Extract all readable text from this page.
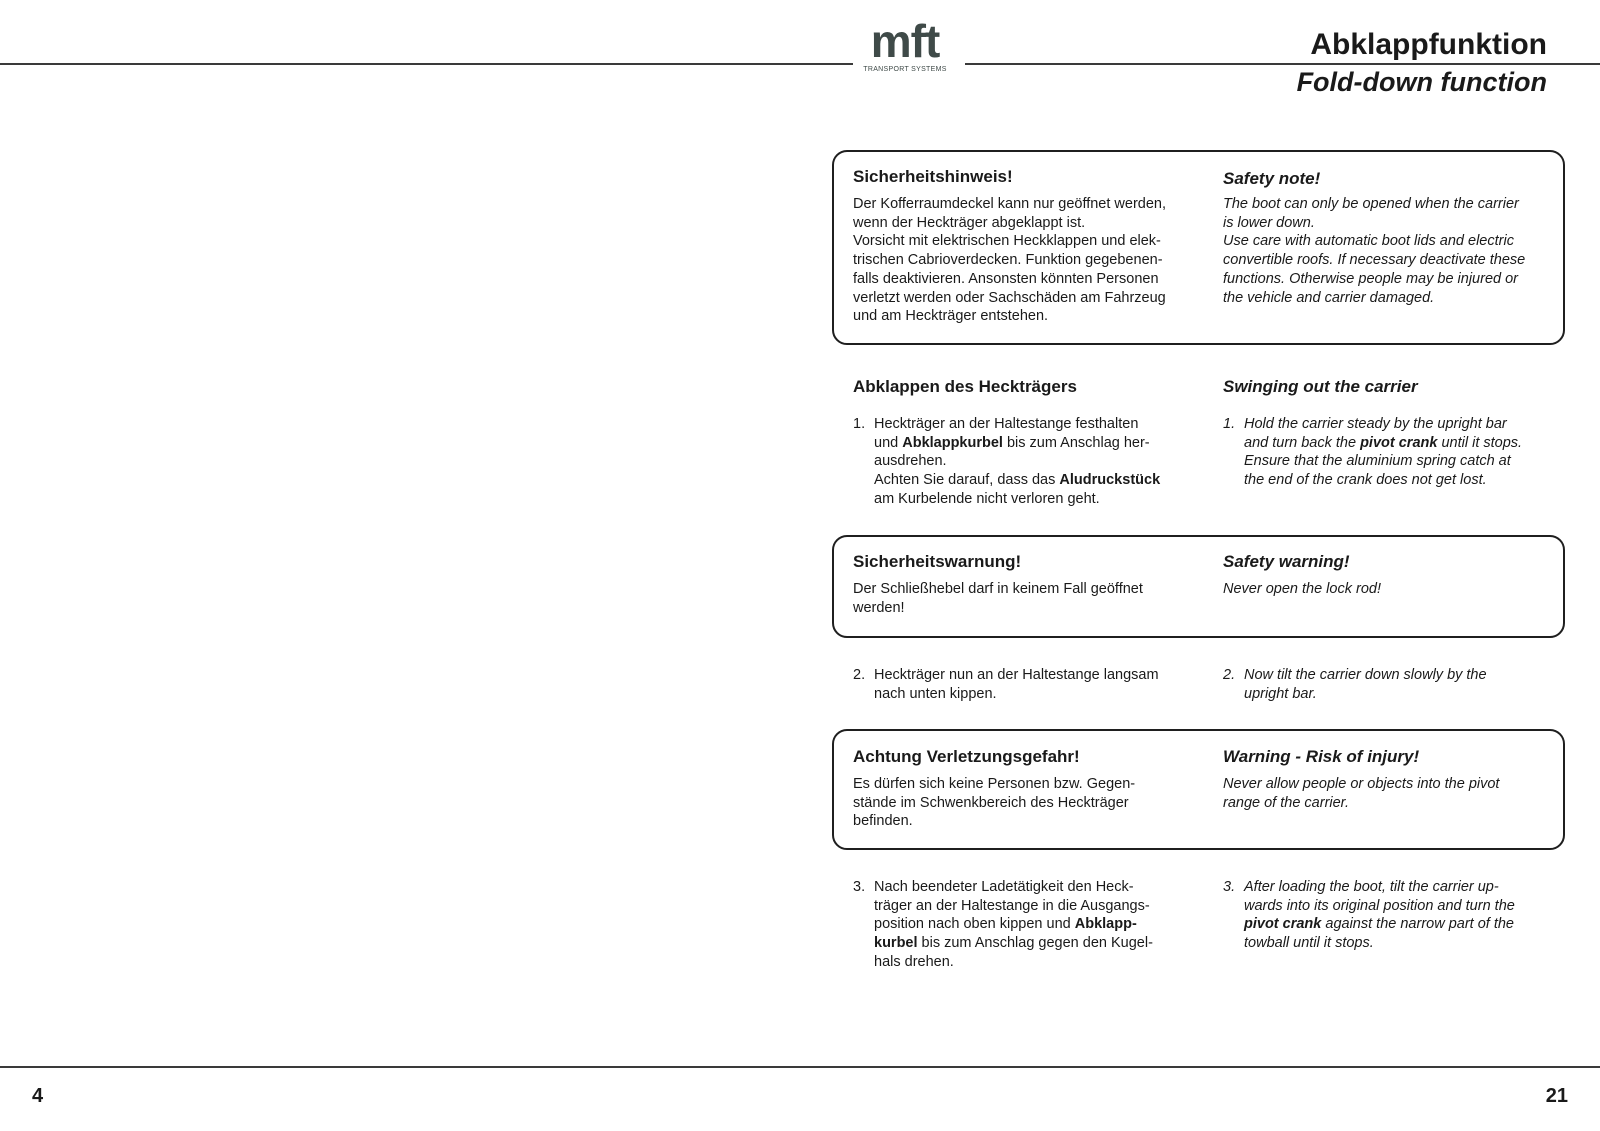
mft
TRANSPORT SYSTEMS
Abklappfunktion
Fold-down function
Sicherheitshinweis!
Der Kofferraumdeckel kann nur geöffnet werden,
wenn der Heckträger abgeklappt ist.
Vorsicht mit elektrischen Heckklappen und elek-
trischen Cabrioverdecken. Funktion gegebenen-
falls deaktivieren. Ansonsten könnten Personen
verletzt werden oder Sachschäden am Fahrzeug
und am Heckträger entstehen.
Safety note!
The boot can only be opened when the carrier
is lower down.
Use care with automatic boot lids and electric
convertible roofs. If necessary deactivate these
functions. Otherwise people may be injured or
the vehicle and carrier damaged.
Abklappen des Heckträgers	Swinging out the carrier
1. Heckträger an der Haltestange festhalten
und Abklappkurbel bis zum Anschlag her-
ausdrehen.
Achten Sie darauf, dass das Aludruckstück
am Kurbelende nicht verloren geht.
1. Hold the carrier steady by the upright bar
and turn back the pivot crank until it stops.
Ensure that the aluminium spring catch at
the end of the crank does not get lost.
Sicherheitswarnung!
Der Schließhebel darf in keinem Fall geöffnet
werden!
Safety warning!
Never open the lock rod!
2. Heckträger nun an der Haltestange langsam
nach unten kippen.
2. Now tilt the carrier down slowly by the
upright bar.
Achtung Verletzungsgefahr!
Es dürfen sich keine Personen bzw. Gegen-
stände im Schwenkbereich des Heckträger
befinden.
Warning - Risk of injury!
Never allow people or objects into the pivot
range of the carrier.
3. Nach beendeter Ladetätigkeit den Heck-
träger an der Haltestange in die Ausgangs-
position nach oben kippen und Abklapp-
kurbel bis zum Anschlag gegen den Kugel-
hals drehen.
3. After loading the boot, tilt the carrier up-
wards into its original position and turn the
pivot crank against the narrow part of the
towball until it stops.
4	21
